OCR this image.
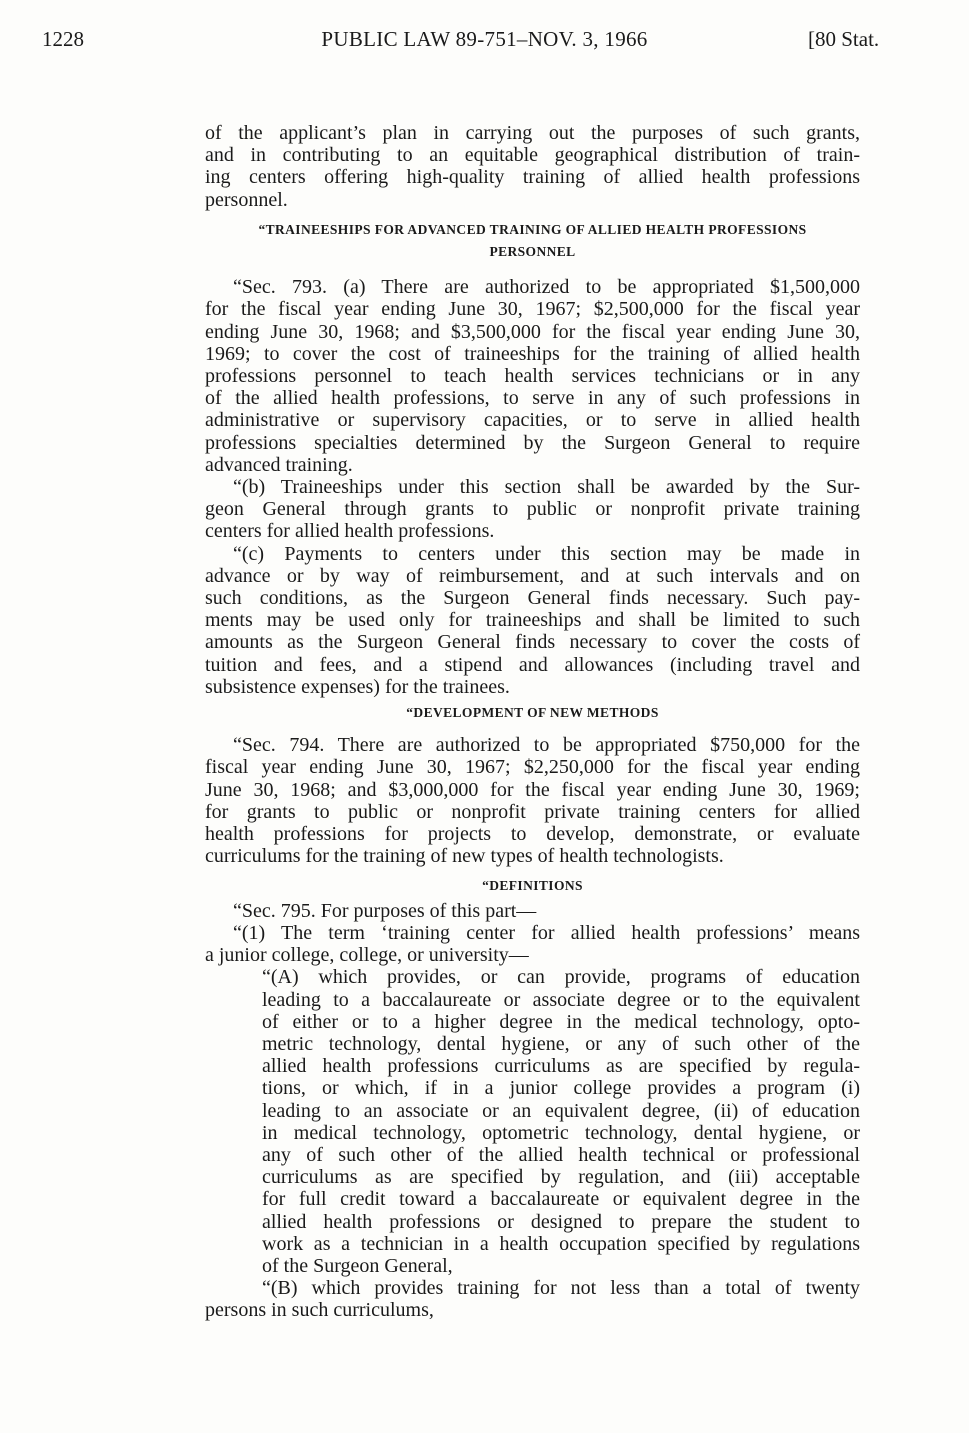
1228	PUBLIC LAW 89-751–NOV. 3, 1966	[80 Stat.
of the applicant’s plan in carrying out the purposes of such grants,
and in contributing to an equitable geographical distribution of train-
ing centers offering high-quality training of allied health professions
personnel.
“TRAINEESHIPS FOR ADVANCED TRAINING OF ALLIED HEALTH PROFESSIONS
PERSONNEL
“Sec. 793. (a) There are authorized to be appropriated $1,500,000
for the fiscal year ending June 30, 1967; $2,500,000 for the fiscal year
ending June 30, 1968; and $3,500,000 for the fiscal year ending June 30,
1969; to cover the cost of traineeships for the training of allied health
professions personnel to teach health services technicians or in any
of the allied health professions, to serve in any of such professions in
administrative or supervisory capacities, or to serve in allied health
professions specialties determined by the Surgeon General to require
advanced training.
“(b) Traineeships under this section shall be awarded by the Sur-
geon General through grants to public or nonprofit private training
centers for allied health professions.
“(c) Payments to centers under this section may be made in
advance or by way of reimbursement, and at such intervals and on
such conditions, as the Surgeon General finds necessary. Such pay-
ments may be used only for traineeships and shall be limited to such
amounts as the Surgeon General finds necessary to cover the costs of
tuition and fees, and a stipend and allowances (including travel and
subsistence expenses) for the trainees.
“DEVELOPMENT OF NEW METHODS
“Sec. 794. There are authorized to be appropriated $750,000 for the
fiscal year ending June 30, 1967; $2,250,000 for the fiscal year ending
June 30, 1968; and $3,000,000 for the fiscal year ending June 30, 1969;
for grants to public or nonprofit private training centers for allied
health professions for projects to develop, demonstrate, or evaluate
curriculums for the training of new types of health technologists.
“DEFINITIONS
“Sec. 795. For purposes of this part—
“(1) The term ‘training center for allied health professions’ means
a junior college, college, or university—
“(A) which provides, or can provide, programs of education
leading to a baccalaureate or associate degree or to the equivalent
of either or to a higher degree in the medical technology, opto-
metric technology, dental hygiene, or any of such other of the
allied health professions curriculums as are specified by regula-
tions, or which, if in a junior college provides a program (i)
leading to an associate or an equivalent degree, (ii) of education
in medical technology, optometric technology, dental hygiene, or
any of such other of the allied health technical or professional
curriculums as are specified by regulation, and (iii) acceptable
for full credit toward a baccalaureate or equivalent degree in the
allied health professions or designed to prepare the student to
work as a technician in a health occupation specified by regulations
of the Surgeon General,
“(B) which provides training for not less than a total of twenty
persons in such curriculums,
